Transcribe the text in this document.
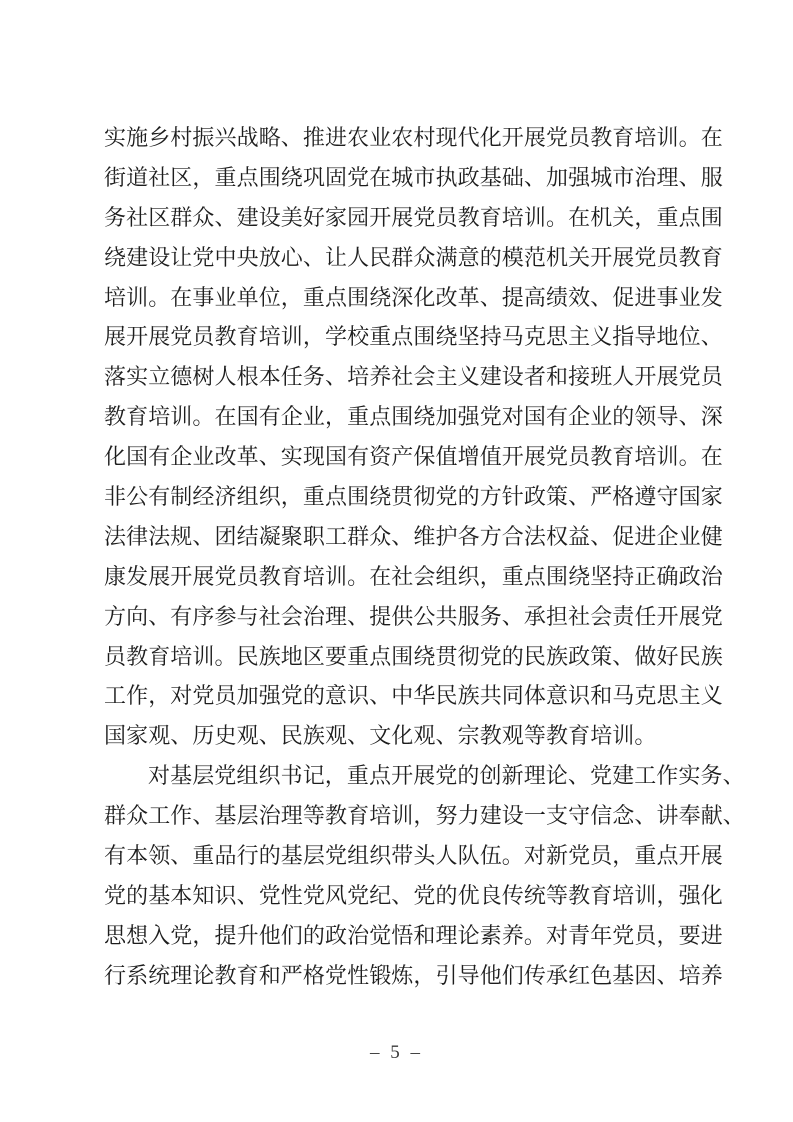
实施乡村振兴战略、推进农业农村现代化开展党员教育培训。在
街道社区，重点围绕巩固党在城市执政基础、加强城市治理、服
务社区群众、建设美好家园开展党员教育培训。在机关，重点围
绕建设让党中央放心、让人民群众满意的模范机关开展党员教育
培训。在事业单位，重点围绕深化改革、提高绩效、促进事业发
展开展党员教育培训，学校重点围绕坚持马克思主义指导地位、
落实立德树人根本任务、培养社会主义建设者和接班人开展党员
教育培训。在国有企业，重点围绕加强党对国有企业的领导、深
化国有企业改革、实现国有资产保值增值开展党员教育培训。在
非公有制经济组织，重点围绕贯彻党的方针政策、严格遵守国家
法律法规、团结凝聚职工群众、维护各方合法权益、促进企业健
康发展开展党员教育培训。在社会组织，重点围绕坚持正确政治
方向、有序参与社会治理、提供公共服务、承担社会责任开展党
员教育培训。民族地区要重点围绕贯彻党的民族政策、做好民族
工作，对党员加强党的意识、中华民族共同体意识和马克思主义
国家观、历史观、民族观、文化观、宗教观等教育培训。
对基层党组织书记，重点开展党的创新理论、党建工作实务、
群众工作、基层治理等教育培训，努力建设一支守信念、讲奉献、
有本领、重品行的基层党组织带头人队伍。对新党员，重点开展
党的基本知识、党性党风党纪、党的优良传统等教育培训，强化
思想入党，提升他们的政治觉悟和理论素养。对青年党员，要进
行系统理论教育和严格党性锻炼，引导他们传承红色基因、培养
– 5 –
